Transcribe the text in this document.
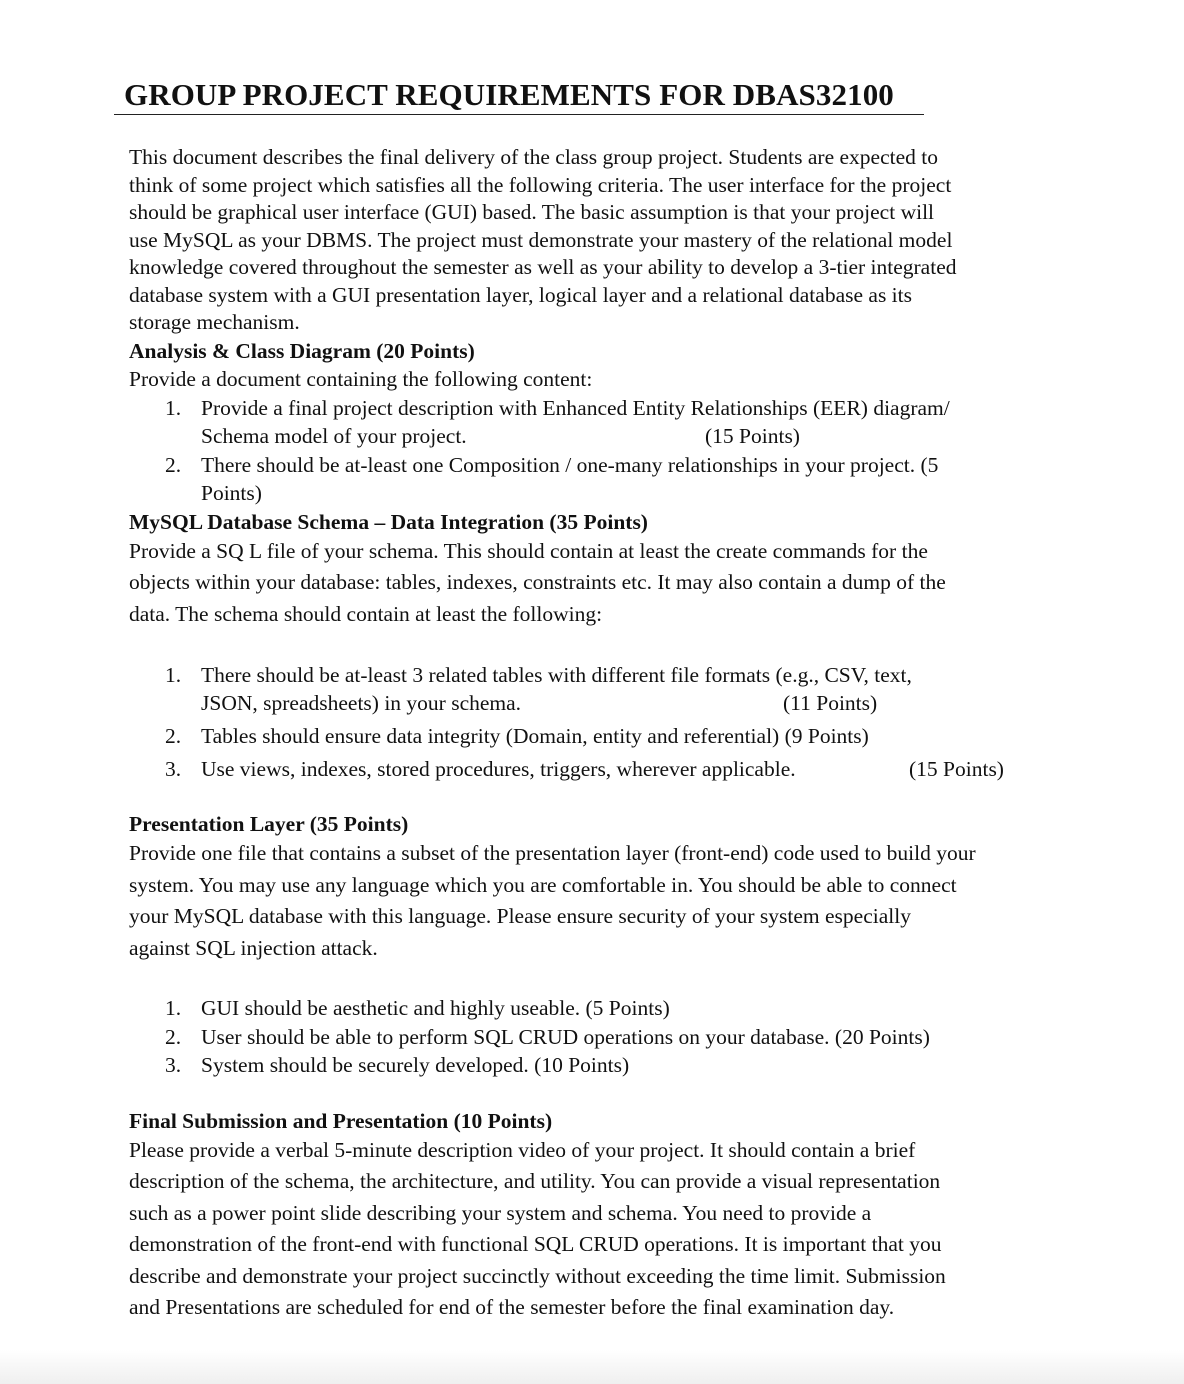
GROUP PROJECT REQUIREMENTS FOR DBAS32100

This document describes the final delivery of the class group project. Students are expected to
think of some project which satisfies all the following criteria. The user interface for the project
should be graphical user interface (GUI) based. The basic assumption is that your project will
use MySQL as your DBMS. The project must demonstrate your mastery of the relational model
knowledge covered throughout the semester as well as your ability to develop a 3-tier integrated
database system with a GUI presentation layer, logical layer and a relational database as its
storage mechanism.

Analysis & Class Diagram (20 Points)

Provide a document containing the following content:

1. Provide a final project description with Enhanced Entity Relationships (EER) diagram/
Schema model of your project.	(15 Points)
2. There should be at-least one Composition / one-many relationships in your project. (5
Points)

MySQL Database Schema – Data Integration (35 Points)

Provide a SQ L file of your schema. This should contain at least the create commands for the
objects within your database: tables, indexes, constraints etc. It may also contain a dump of the
data. The schema should contain at least the following:

1. There should be at-least 3 related tables with different file formats (e.g., CSV, text,
JSON, spreadsheets) in your schema.	(11 Points)
2. Tables should ensure data integrity (Domain, entity and referential) (9 Points)
3. Use views, indexes, stored procedures, triggers, wherever applicable.	(15 Points)

Presentation Layer (35 Points)

Provide one file that contains a subset of the presentation layer (front-end) code used to build your
system. You may use any language which you are comfortable in. You should be able to connect
your MySQL database with this language. Please ensure security of your system especially
against SQL injection attack.

1. GUI should be aesthetic and highly useable. (5 Points)
2. User should be able to perform SQL CRUD operations on your database. (20 Points)
3. System should be securely developed. (10 Points)

Final Submission and Presentation (10 Points)

Please provide a verbal 5-minute description video of your project. It should contain a brief
description of the schema, the architecture, and utility. You can provide a visual representation
such as a power point slide describing your system and schema. You need to provide a
demonstration of the front-end with functional SQL CRUD operations. It is important that you
describe and demonstrate your project succinctly without exceeding the time limit. Submission
and Presentations are scheduled for end of the semester before the final examination day.
